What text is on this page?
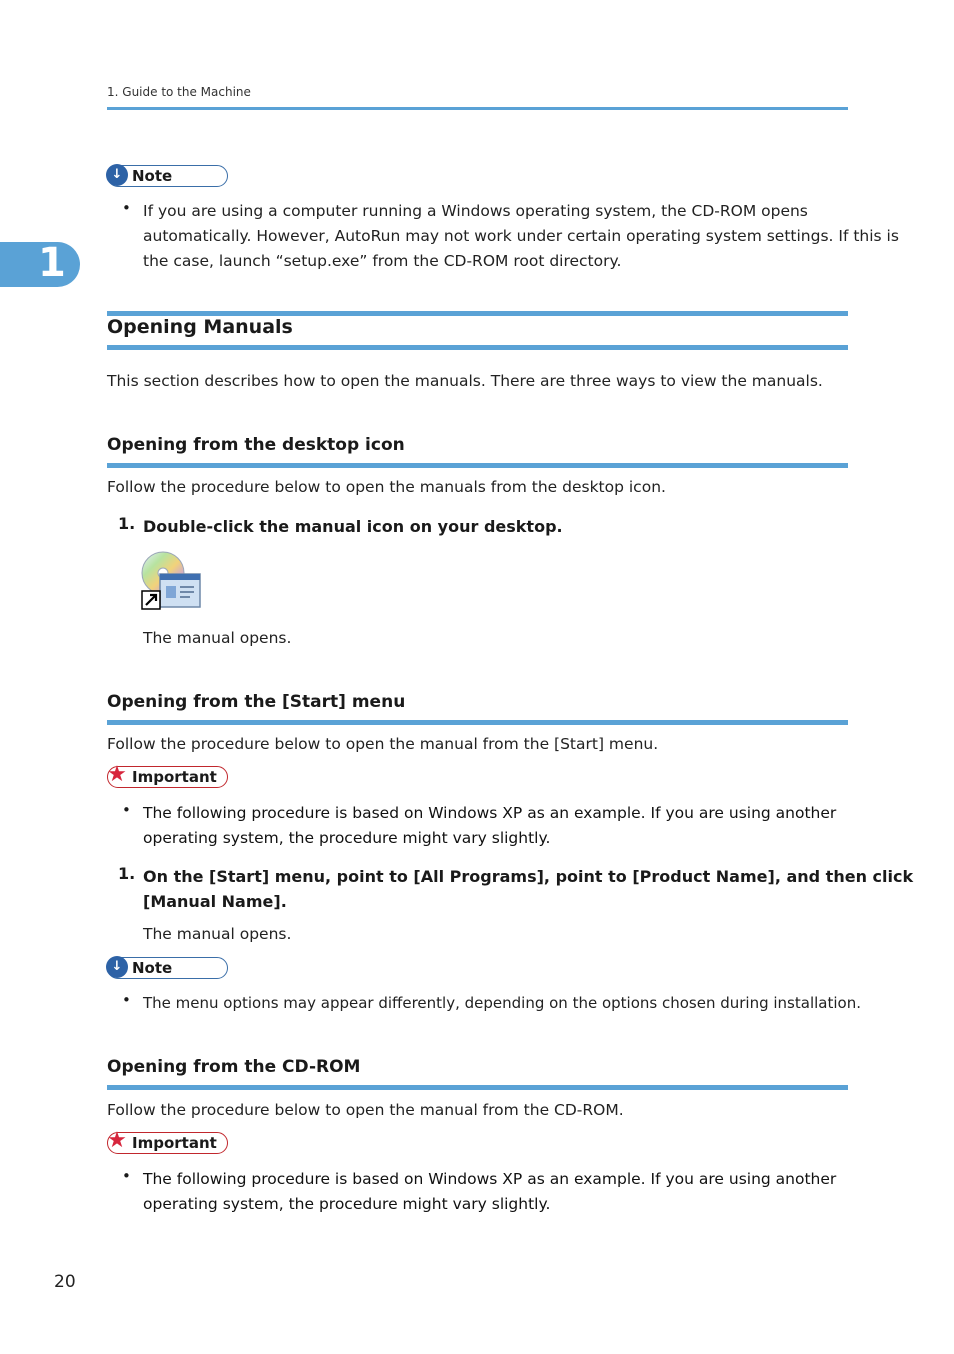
1. Guide to the Machine
1
↓ Note
• If you are using a computer running a Windows operating system, the CD-ROM opens
automatically. However, AutoRun may not work under certain operating system settings. If this is
the case, launch “setup.exe” from the CD-ROM root directory.
Opening Manuals
This section describes how to open the manuals. There are three ways to view the manuals.
Opening from the desktop icon
Follow the procedure below to open the manuals from the desktop icon.
1. Double-click the manual icon on your desktop.
The manual opens.
Opening from the [Start] menu
Follow the procedure below to open the manual from the [Start] menu.
★ Important
• The following procedure is based on Windows XP as an example. If you are using another
operating system, the procedure might vary slightly.
1. On the [Start] menu, point to [All Programs], point to [Product Name], and then click
[Manual Name].
The manual opens.
↓ Note
• The menu options may appear differently, depending on the options chosen during installation.
Opening from the CD-ROM
Follow the procedure below to open the manual from the CD-ROM.
★ Important
• The following procedure is based on Windows XP as an example. If you are using another
operating system, the procedure might vary slightly.
20
